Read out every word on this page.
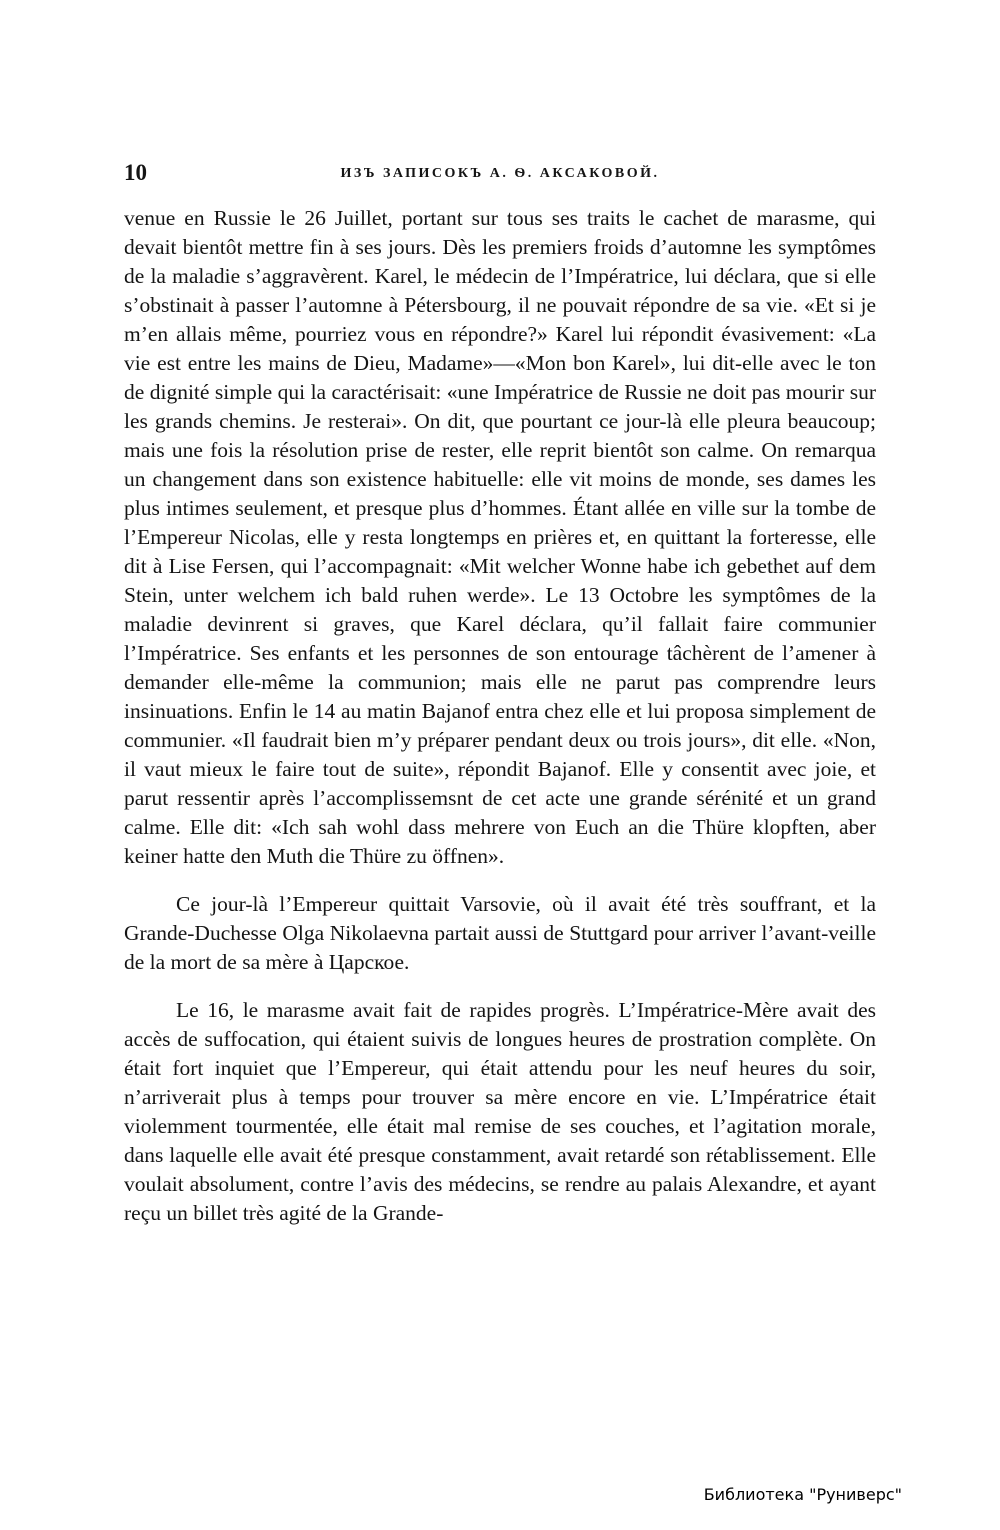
10	ИЗЪ ЗАПИСОКЪ А. Ѳ. АКСАКОВОЙ.

venue en Russie le 26 Juillet, portant sur tous ses traits le cachet de marasme, qui devait bientôt mettre fin à ses jours. Dès les premiers froids d’automne les symptômes de la maladie s’aggravèrent. Karel, le médecin de l’Impératrice, lui déclara, que si elle s’obstinait à passer l’automne à Pétersbourg, il ne pouvait répondre de sa vie. «Et si je m’en allais même, pourriez vous en répondre?» Karel lui répondit évasivement: «La vie est entre les mains de Dieu, Madame»—«Mon bon Karel», lui dit-elle avec le ton de dignité simple qui la caractérisait: «une Impératrice de Russie ne doit pas mourir sur les grands chemins. Je resterai». On dit, que pourtant ce jour-là elle pleura beaucoup; mais une fois la résolution prise de rester, elle reprit bientôt son calme. On remarqua un changement dans son existence habituelle: elle vit moins de monde, ses dames les plus intimes seulement, et presque plus d’hommes. Étant allée en ville sur la tombe de l’Empereur Nicolas, elle y resta longtemps en prières et, en quittant la forteresse, elle dit à Lise Fersen, qui l’accompagnait: «Mit welcher Wonne habe ich gebethet auf dem Stein, unter welchem ich bald ruhen werde». Le 13 Octobre les symptômes de la maladie devinrent si graves, que Karel déclara, qu’il fallait faire communier l’Impératrice. Ses enfants et les personnes de son entourage tâchèrent de l’amener à demander elle-même la communion; mais elle ne parut pas comprendre leurs insinuations. Enfin le 14 au matin Bajanof entra chez elle et lui proposa simplement de communier. «Il faudrait bien m’y préparer pendant deux ou trois jours», dit elle. «Non, il vaut mieux le faire tout de suite», répondit Bajanof. Elle y consentit avec joie, et parut ressentir après l’accomplissemsnt de cet acte une grande sérénité et un grand calme. Elle dit: «Ich sah wohl dass mehrere von Euch an die Thüre klopften, aber keiner hatte den Muth die Thüre zu öffnen».

Ce jour-là l’Empereur quittait Varsovie, où il avait été très souffrant, et la Grande-Duchesse Olga Nikolaevna partait aussi de Stuttgard pour arriver l’avant-veille de la mort de sa mère à Царское.

Le 16, le marasme avait fait de rapides progrès. L’Impératrice-Mère avait des accès de suffocation, qui étaient suivis de longues heures de prostration complète. On était fort inquiet que l’Empereur, qui était attendu pour les neuf heures du soir, n’arriverait plus à temps pour trouver sa mère encore en vie. L’Impératrice était violemment tourmentée, elle était mal remise de ses couches, et l’agitation morale, dans laquelle elle avait été presque constamment, avait retardé son rétablissement. Elle voulait absolument, contre l’avis des médecins, se rendre au palais Alexandre, et ayant reçu un billet très agité de la Grande-

Библиотека "Руниверс"
